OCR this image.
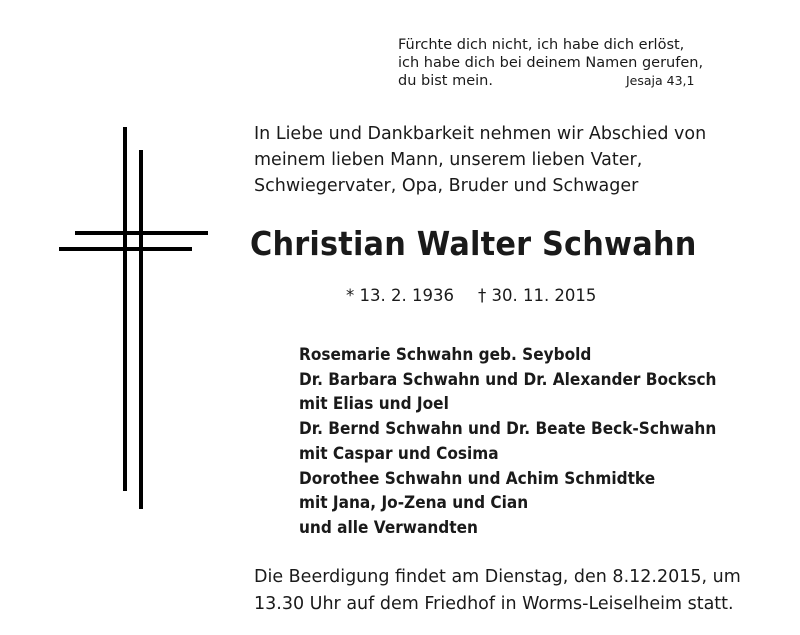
Fürchte dich nicht, ich habe dich erlöst,
ich habe dich bei deinem Namen gerufen,
du bist mein.	Jesaja 43,1
In Liebe und Dankbarkeit nehmen wir Abschied von
meinem lieben Mann, unserem lieben Vater,
Schwiegervater, Opa, Bruder und Schwager
Christian Walter Schwahn
* 13. 2. 1936 † 30. 11. 2015
Rosemarie Schwahn geb. Seybold
Dr. Barbara Schwahn und Dr. Alexander Bocksch
mit Elias und Joel
Dr. Bernd Schwahn und Dr. Beate Beck-Schwahn
mit Caspar und Cosima
Dorothee Schwahn und Achim Schmidtke
mit Jana, Jo-Zena und Cian
und alle Verwandten
Die Beerdigung findet am Dienstag, den 8.12.2015, um
13.30 Uhr auf dem Friedhof in Worms-Leiselheim statt.
